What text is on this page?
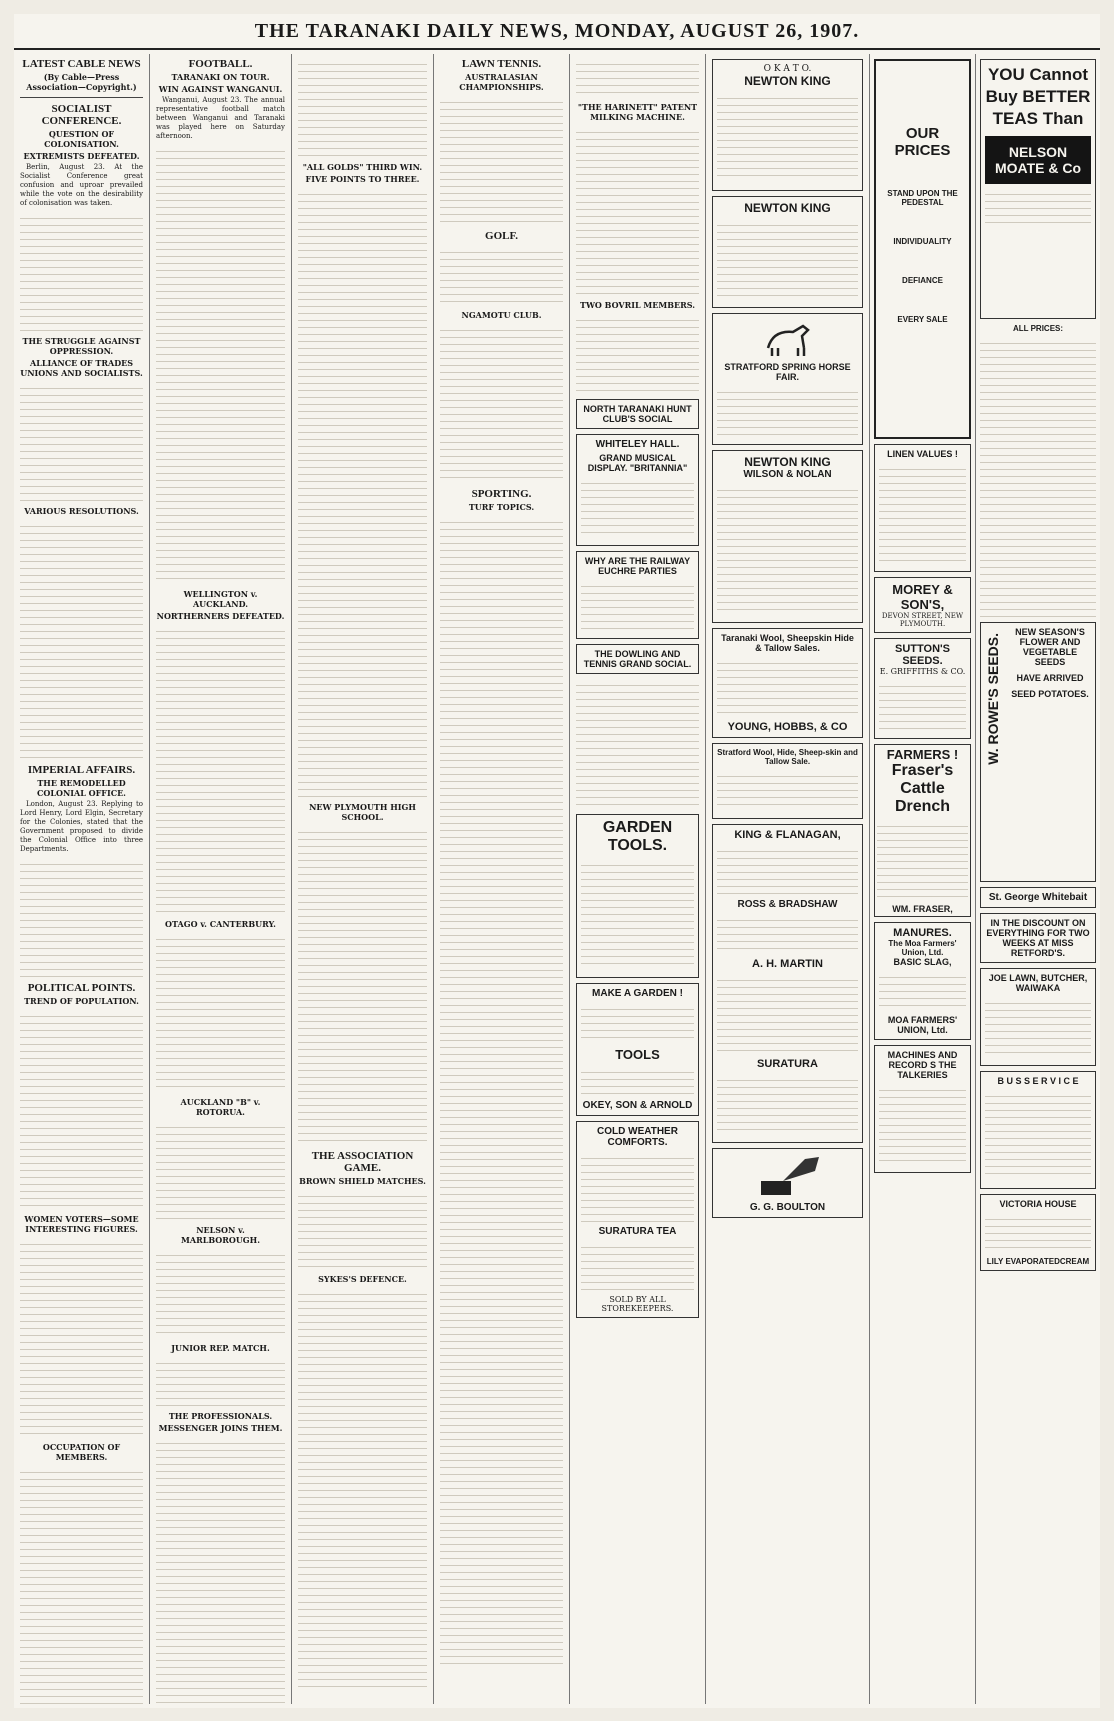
THE TARANAKI DAILY NEWS, MONDAY, AUGUST 26, 1907.
LATEST CABLE NEWS
(By Cable—Press Association—Copyright.)
SOCIALIST CONFERENCE.
QUESTION OF COLONISATION.
EXTREMISTS DEFEATED.

Berlin, August 23. At the Socialist Conference great confusion and uproar prevailed while the vote on the desirability of colonisation was taken.

THE STRUGGLE AGAINST OPPRESSION.
ALLIANCE OF TRADES UNIONS AND SOCIALISTS.
VARIOUS RESOLUTIONS.
IMPERIAL AFFAIRS.
THE REMODELLED COLONIAL OFFICE.

London, August 23. Replying to Lord Henry, Lord Elgin, Secretary for the Colonies, stated that the Government proposed to divide the Colonial Office into three Departments.

POLITICAL POINTS.
TREND OF POPULATION.
WOMEN VOTERS—SOME INTERESTING FIGURES.
OCCUPATION OF MEMBERS.
FOOTBALL.
TARANAKI ON TOUR.
WIN AGAINST WANGANUI.

Wanganui, August 23. The annual representative football match between Wanganui and Taranaki was played here on Saturday afternoon.

WELLINGTON v. AUCKLAND.
NORTHERNERS DEFEATED.
OTAGO v. CANTERBURY.
AUCKLAND "B" v. ROTORUA.
NELSON v. MARLBOROUGH.
JUNIOR REP. MATCH.
THE PROFESSIONALS.
MESSENGER JOINS THEM.
"ALL GOLDS" THIRD WIN.
FIVE POINTS TO THREE.
NEW PLYMOUTH HIGH SCHOOL.
THE ASSOCIATION GAME.
BROWN SHIELD MATCHES.
SYKES'S DEFENCE.
LAWN TENNIS.
AUSTRALASIAN CHAMPIONSHIPS.
GOLF.
NGAMOTU CLUB.
SPORTING.
TURF TOPICS.
"THE HARINETT" PATENT MILKING MACHINE.
TWO BOVRIL MEMBERS.
NORTH TARANAKI HUNT CLUB'S SOCIAL
WHITELEY HALL.
GRAND MUSICAL DISPLAY. "BRITANNIA"
WHY ARE THE RAILWAY EUCHRE PARTIES
THE DOWLING AND TENNIS GRAND SOCIAL.
GARDEN TOOLS.
MAKE A GARDEN !
TOOLS
OKEY, SON & ARNOLD
COLD WEATHER COMFORTS.
SURATURA TEA
SOLD BY ALL STOREKEEPERS.
O K A T O.
NEWTON KING
NEWTON KING
STRATFORD SPRING HORSE FAIR.
NEWTON KING
WILSON & NOLAN
Taranaki Wool, Sheepskin Hide & Tallow Sales.
YOUNG, HOBBS, & CO
Stratford Wool, Hide, Sheep-skin and Tallow Sale.
KING & FLANAGAN,
ROSS & BRADSHAW
A. H. MARTIN
SURATURA
G. G. BOULTON
OUR PRICES
STAND UPON THE PEDESTAL
INDIVIDUALITY
DEFIANCE
EVERY SALE
LINEN VALUES !
MOREY & SON'S,
DEVON STREET, NEW PLYMOUTH.
SUTTON'S SEEDS.
E. GRIFFITHS & CO.
FARMERS !
Fraser's Cattle Drench
WM. FRASER,
MANURES.
The Moa Farmers' Union, Ltd.
BASIC SLAG,
MOA FARMERS' UNION, Ltd.
MACHINES AND RECORD S THE TALKERIES
YOU Cannot Buy BETTER TEAS Than
NELSON MOATE & Co
ALL PRICES:
W. ROWE'S SEEDS.
NEW SEASON'S FLOWER AND VEGETABLE SEEDS
HAVE ARRIVED
SEED POTATOES.
St. George Whitebait
IN THE DISCOUNT ON EVERYTHING FOR TWO WEEKS AT MISS RETFORD'S.
JOE LAWN, BUTCHER, WAIWAKA
B U S S E R V I C E
VICTORIA HOUSE
LILY EVAPORATEDCREAM
